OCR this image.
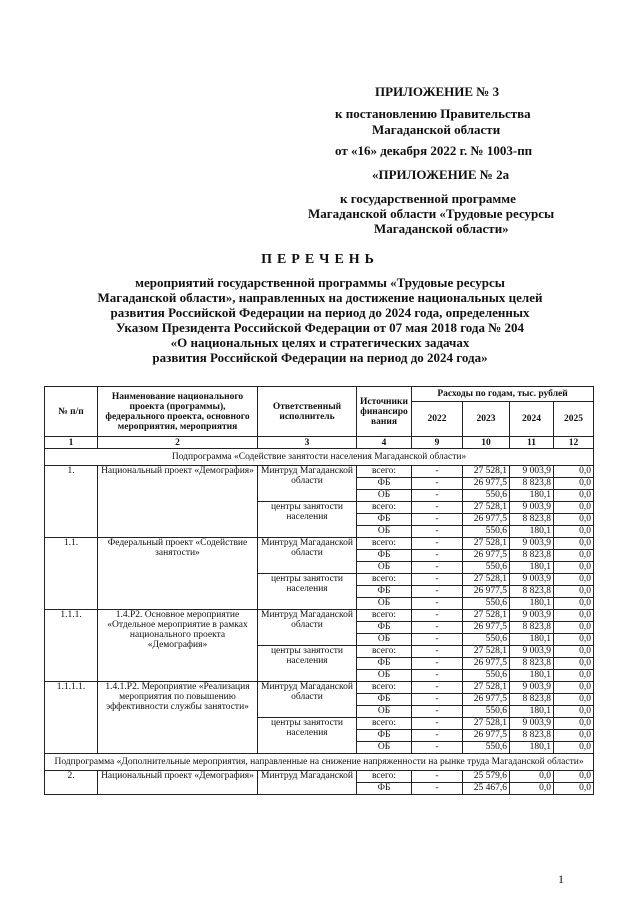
ПРИЛОЖЕНИЕ № 3
к постановлению Правительства
Магаданской области
от «16» декабря 2022 г. № 1003-пп
«ПРИЛОЖЕНИЕ № 2а
к государственной программе
Магаданской области «Трудовые ресурсы
Магаданской области»
ПЕРЕЧЕНЬ
мероприятий государственной программы «Трудовые ресурсы
Магаданской области», направленных на достижение национальных целей
развития Российской Федерации на период до 2024 года, определенных
Указом Президента Российской Федерации от 07 мая 2018 года № 204
«О национальных целях и стратегических задачах
развития Российской Федерации на период до 2024 года»
№ п/п	Наименование национального проекта (программы), федерального проекта, основного мероприятия, мероприятия	Ответственный исполнитель	Источники финансиро вания	Расходы по годам, тыс. рублей			
				2022	2023	2024	2025
1	2	3	4	9	10	11	12
Подпрограмма «Содействие занятости населения Магаданской области»							
1.	Национальный проект «Демография»	Минтруд Магаданской области	всего:	-	27 528,1	9 003,9	0,0
			ФБ	-	26 977,5	8 823,8	0,0
			ОБ	-	550,6	180,1	0,0
		центры занятости населения	всего:	-	27 528,1	9 003,9	0,0
			ФБ	-	26 977,5	8 823,8	0,0
			ОБ	-	550,6	180,1	0,0
1.1.	Федеральный проект «Содействие занятости»	Минтруд Магаданской области	всего:	-	27 528,1	9 003,9	0,0
			ФБ	-	26 977,5	8 823,8	0,0
			ОБ	-	550,6	180,1	0,0
		центры занятости населения	всего:	-	27 528,1	9 003,9	0,0
			ФБ	-	26 977,5	8 823,8	0,0
			ОБ	-	550,6	180,1	0,0
1.1.1.	1.4.Р2. Основное мероприятие «Отдельное мероприятие в рамках национального проекта «Демография»	Минтруд Магаданской области	всего:	-	27 528,1	9 003,9	0,0
			ФБ	-	26 977,5	8 823,8	0,0
			ОБ	-	550,6	180,1	0,0
		центры занятости населения	всего:	-	27 528,1	9 003,9	0,0
			ФБ	-	26 977,5	8 823,8	0,0
			ОБ	-	550,6	180,1	0,0
1.1.1.1.	1.4.1.Р2. Мероприятие «Реализация мероприятия по повышению эффективности службы занятости»	Минтруд Магаданской области	всего:	-	27 528,1	9 003,9	0,0
			ФБ	-	26 977,5	8 823,8	0,0
			ОБ	-	550,6	180,1	0,0
		центры занятости населения	всего:	-	27 528,1	9 003,9	0,0
			ФБ	-	26 977,5	8 823,8	0,0
			ОБ	-	550,6	180,1	0,0
Подпрограмма «Дополнительные мероприятия, направленные на снижение напряженности на рынке труда Магаданской области»							
2.	Национальный проект «Демография»	Минтруд Магаданской	всего:	-	25 579,6	0,0	0,0
			ФБ	-	25 467,6	0,0	0,0
1
